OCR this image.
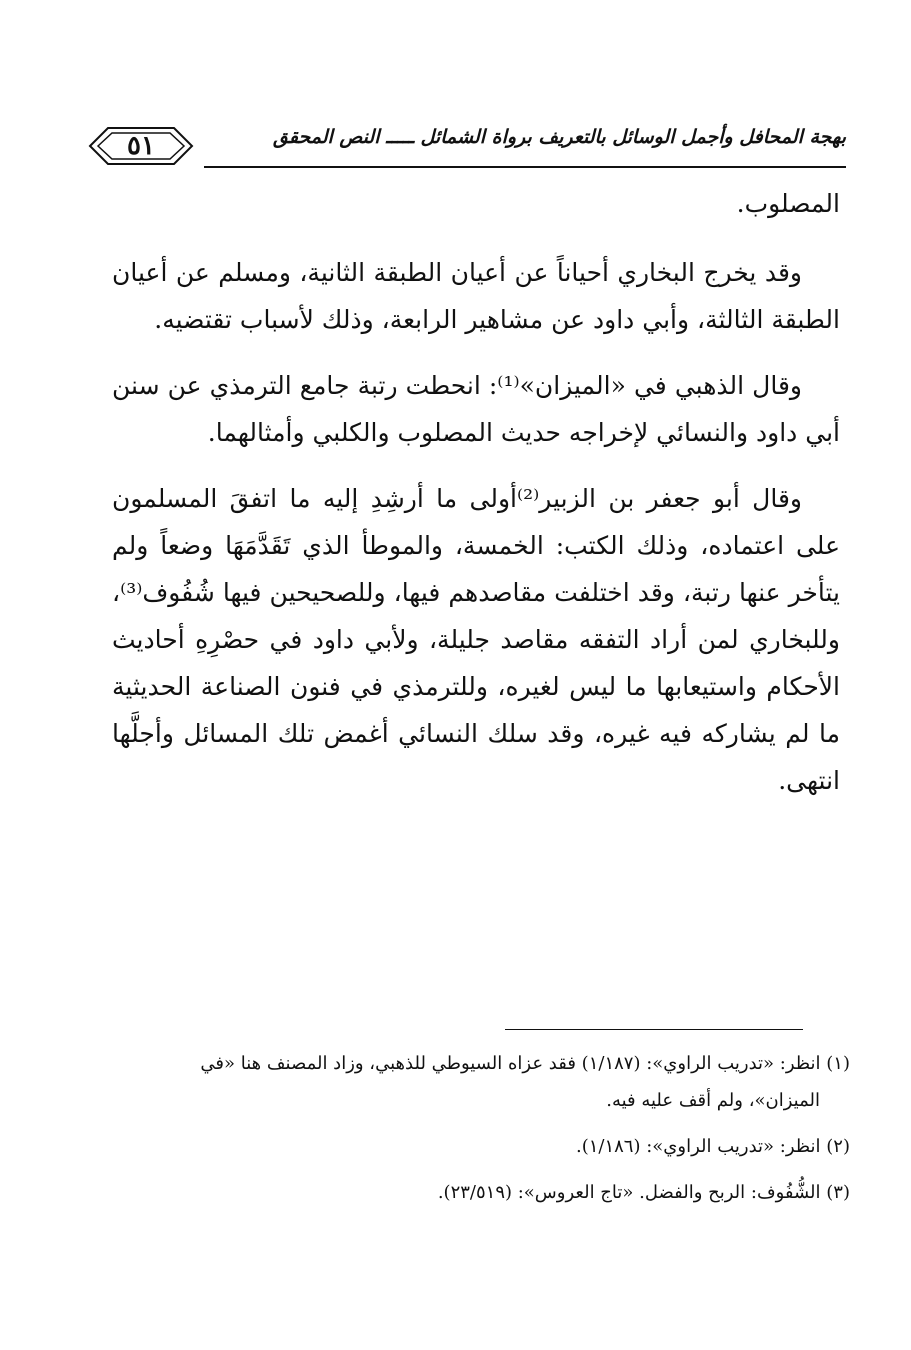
٥١	بهجة المحافل وأجمل الوسائل بالتعريف برواة الشمائل ـــــ النص المحقق

المصلوب.

وقد يخرج البخاري أحياناً عن أعيان الطبقة الثانية، ومسلم عن أعيان الطبقة الثالثة، وأبي داود عن مشاهير الرابعة، وذلك لأسباب تقتضيه.

وقال الذهبي في «الميزان»⁽¹⁾: انحطت رتبة جامع الترمذي عن سنن أبي داود والنسائي لإخراجه حديث المصلوب والكلبي وأمثالهما.

وقال أبو جعفر بن الزبير⁽²⁾أولى ما أرشِدِ إليه ما اتفقَ المسلمون على اعتماده، وذلك الكتب: الخمسة، والموطأ الذي تَقَدَّمَهَا وضعاً ولم يتأخر عنها رتبة، وقد اختلفت مقاصدهم فيها، وللصحيحين فيها شُفُوف⁽³⁾، وللبخاري لمن أراد التفقه مقاصد جليلة، ولأبي داود في حصْرِهِ أحاديث الأحكام واستيعابها ما ليس لغيره، وللترمذي في فنون الصناعة الحديثية ما لم يشاركه فيه غيره، وقد سلك النسائي أغمض تلك المسائل وأجلَّها انتهى.

(١) انظر: «تدريب الراوي»: (١/١٨٧) فقد عزاه السيوطي للذهبي، وزاد المصنف هنا «في
الميزان»، ولم أقف عليه فيه.

(٢) انظر: «تدريب الراوي»: (١/١٨٦).

(٣) الشُّفُوف: الربح والفضل. «تاج العروس»: (٢٣/٥١٩).
